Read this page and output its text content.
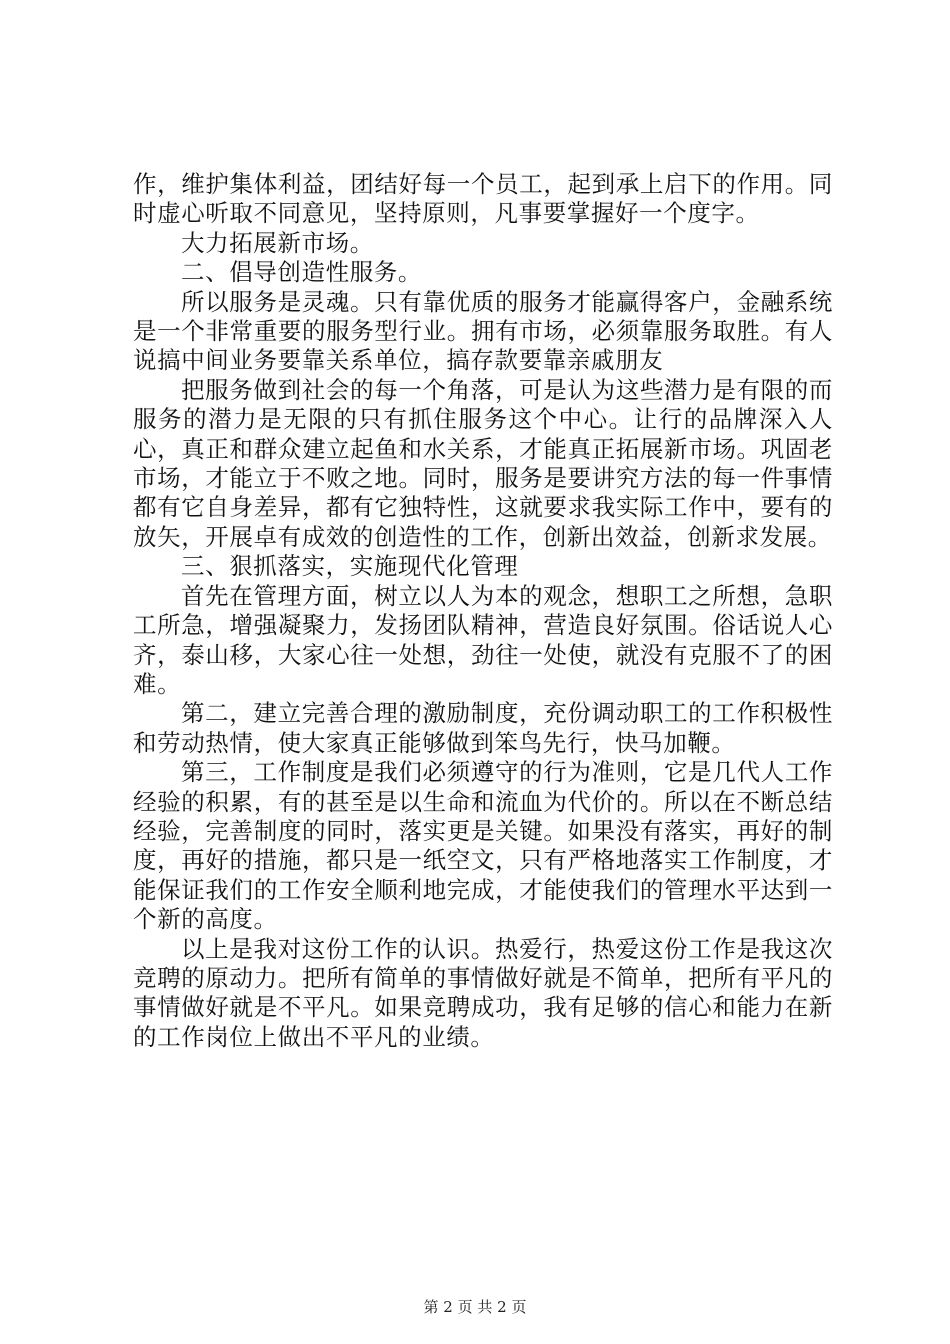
作，维护集体利益，团结好每一个员工，起到承上启下的作用。同时虚心听取不同意见，坚持原则，凡事要掌握好一个度字。

大力拓展新市场。

二、倡导创造性服务。

所以服务是灵魂。只有靠优质的服务才能赢得客户，金融系统是一个非常重要的服务型行业。拥有市场，必须靠服务取胜。有人说搞中间业务要靠关系单位，搞存款要靠亲戚朋友

把服务做到社会的每一个角落，可是认为这些潜力是有限的而服务的潜力是无限的只有抓住服务这个中心。让行的品牌深入人心，真正和群众建立起鱼和水关系，才能真正拓展新市场。巩固老市场，才能立于不败之地。同时，服务是要讲究方法的每一件事情都有它自身差异，都有它独特性，这就要求我实际工作中，要有的放矢，开展卓有成效的创造性的工作，创新出效益，创新求发展。

三、狠抓落实，实施现代化管理

首先在管理方面，树立以人为本的观念，想职工之所想，急职工所急，增强凝聚力，发扬团队精神，营造良好氛围。俗话说人心齐，泰山移，大家心往一处想，劲往一处使，就没有克服不了的困难。

第二，建立完善合理的激励制度，充份调动职工的工作积极性和劳动热情，使大家真正能够做到笨鸟先行，快马加鞭。

第三，工作制度是我们必须遵守的行为准则，它是几代人工作经验的积累，有的甚至是以生命和流血为代价的。所以在不断总结经验，完善制度的同时，落实更是关键。如果没有落实，再好的制度，再好的措施，都只是一纸空文，只有严格地落实工作制度，才能保证我们的工作安全顺利地完成，才能使我们的管理水平达到一个新的高度。

以上是我对这份工作的认识。热爱行，热爱这份工作是我这次竞聘的原动力。把所有简单的事情做好就是不简单，把所有平凡的事情做好就是不平凡。如果竞聘成功，我有足够的信心和能力在新的工作岗位上做出不平凡的业绩。

第 2 页 共 2 页
